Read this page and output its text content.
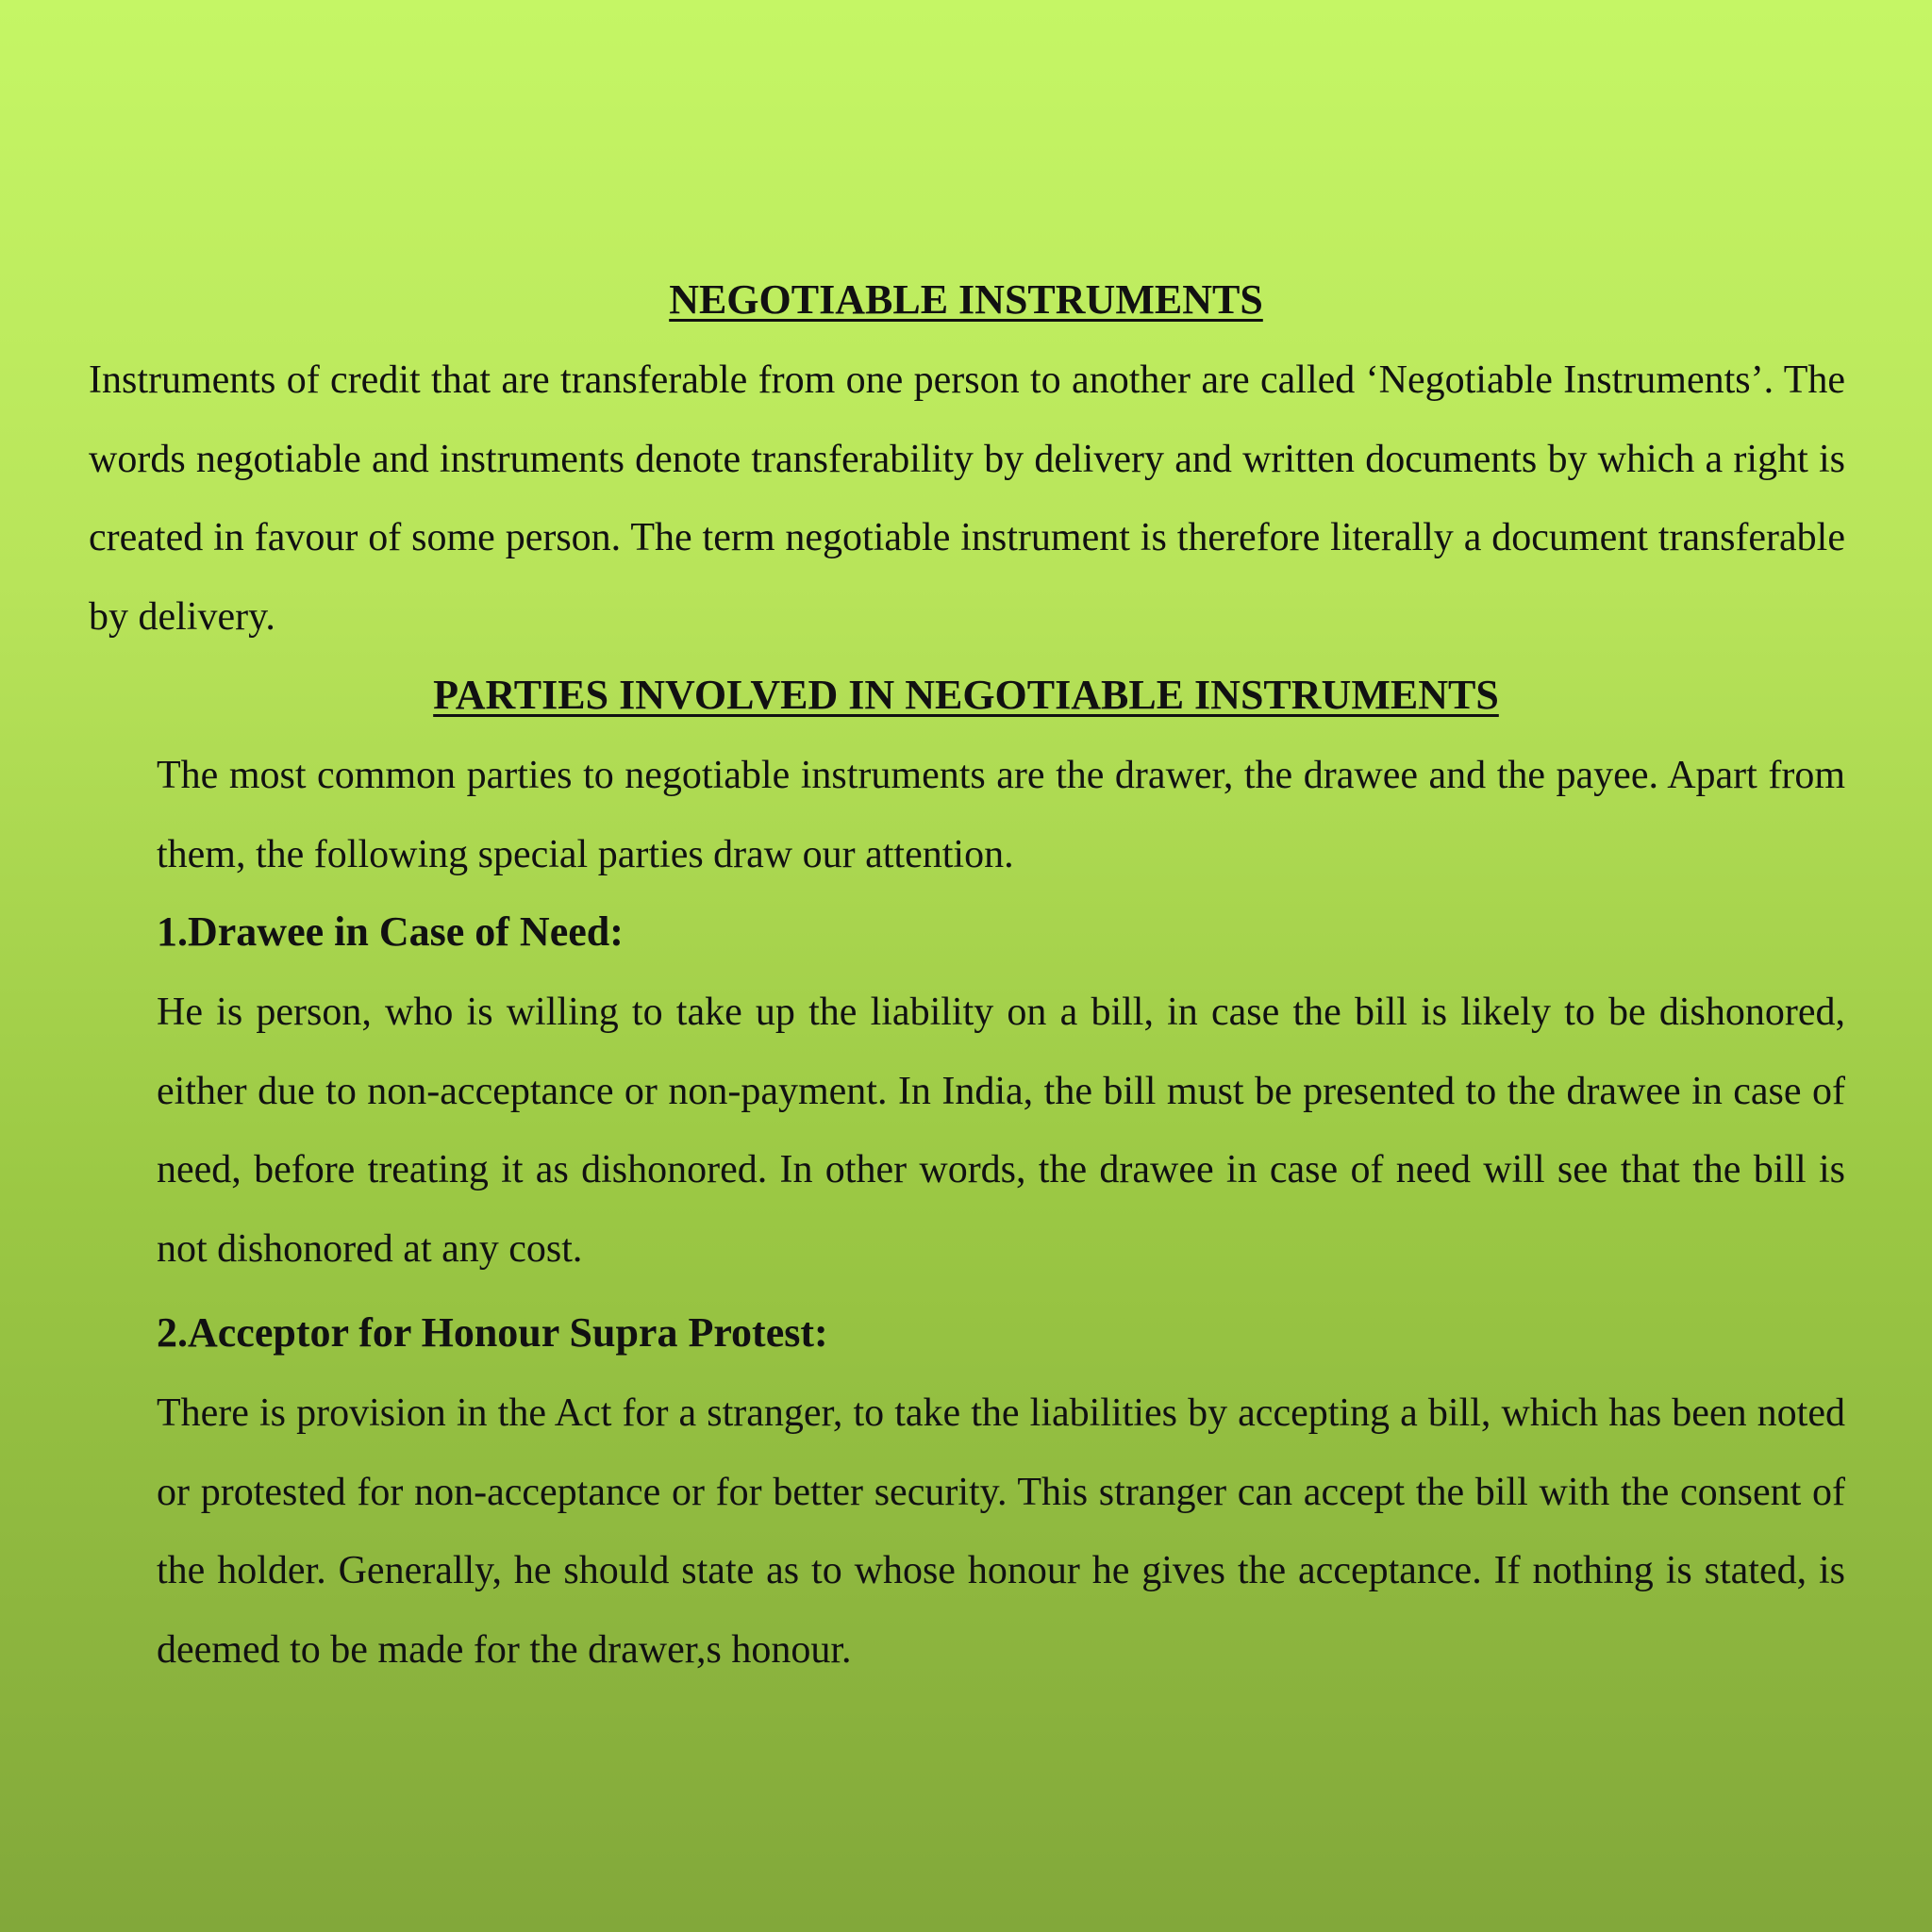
NEGOTIABLE INSTRUMENTS

Instruments of credit that are transferable from one person to another are called ‘Negotiable Instruments’. The words negotiable and instruments denote transferability by delivery and written documents by which a right is created in favour of some person. The term negotiable instrument is therefore literally a document transferable by delivery.

PARTIES INVOLVED IN NEGOTIABLE INSTRUMENTS

The most common parties to negotiable instruments are the drawer, the drawee and the payee. Apart from them, the following special parties draw our attention.

1.Drawee in Case of Need:

He is person, who is willing to take up the liability on a bill, in case the bill is likely to be dishonored, either due to non-acceptance or non-payment. In India, the bill must be presented to the drawee in case of need, before treating it as dishonored. In other words, the drawee in case of need will see that the bill is not dishonored at any cost.

2.Acceptor for Honour Supra Protest:

There is provision in the Act for a stranger, to take the liabilities by accepting a bill, which has been noted or protested for non-acceptance or for better security. This stranger can accept the bill with the consent of the holder. Generally, he should state as to whose honour he gives the acceptance. If nothing is stated, is deemed to be made for the drawer,s honour.
